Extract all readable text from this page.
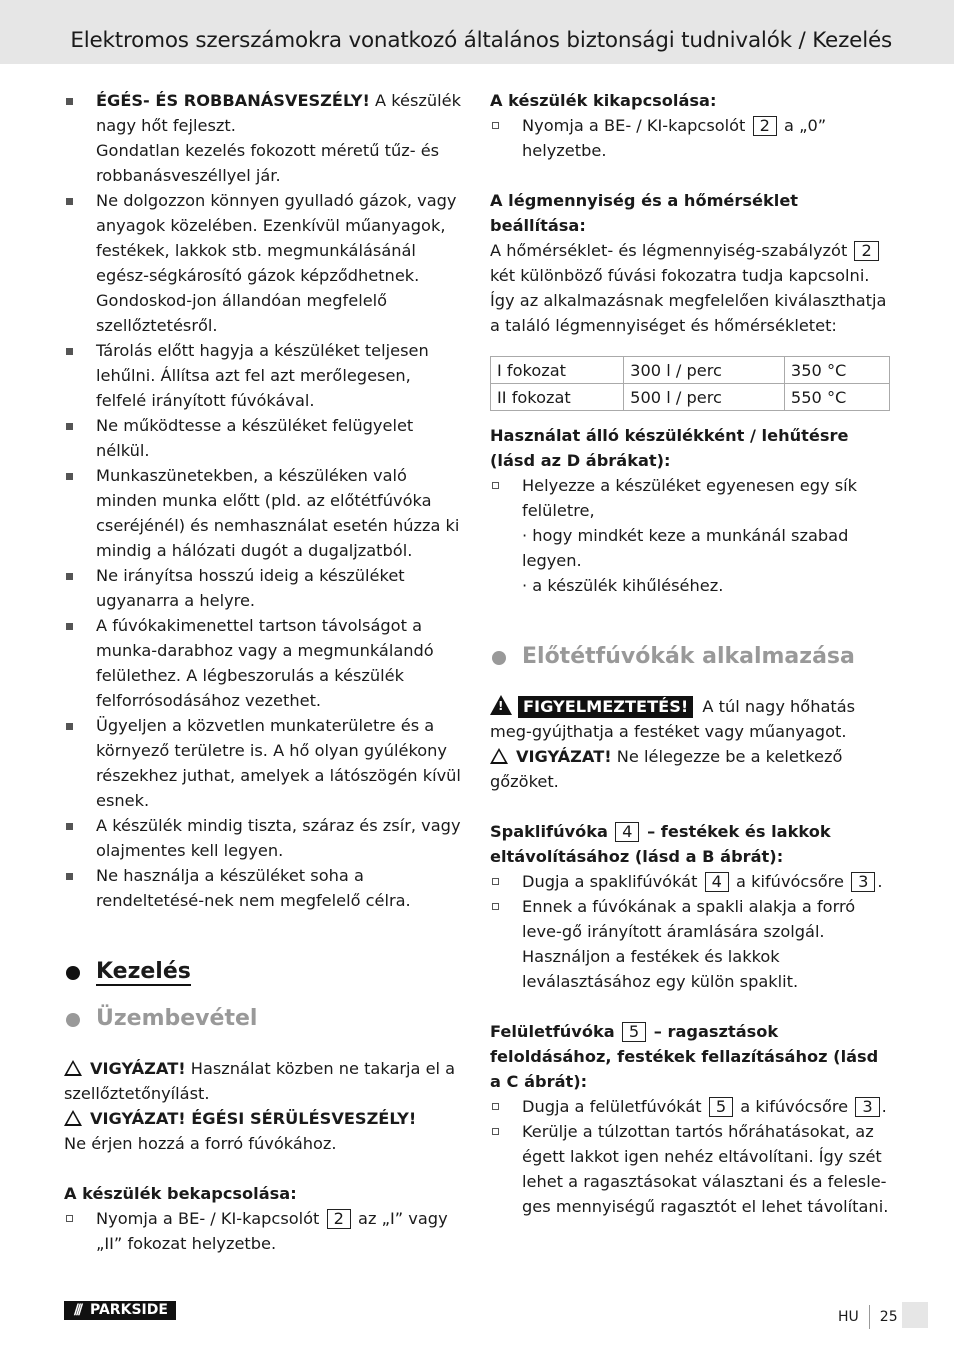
Elektromos szerszámokra vonatkozó általános biztonsági tudnivalók / Kezelés
ÉGÉS- ÉS ROBBANÁSVESZÉLY! A készülék nagy hőt fejleszt.
Gondatlan kezelés fokozott méretű tűz- és robbanásveszéllyel jár.
Ne dolgozzon könnyen gyulladó gázok, vagy anyagok közelében. Ezenkívül műanyagok, festékek, lakkok stb. megmunkálásánál egész-ségkárosító gázok képződhetnek. Gondoskod-jon állandóan megfelelő szellőztetésről.
Tárolás előtt hagyja a készüléket teljesen lehűlni. Állítsa azt fel azt merőlegesen, felfelé irányított fúvókával.
Ne működtesse a készüléket felügyelet nélkül.
Munkaszünetekben, a készüléken való minden munka előtt (pld. az előtétfúvóka cseréjénél) és nemhasználat esetén húzza ki mindig a hálózati dugót a dugaljzatból.
Ne irányítsa hosszú ideig a készüléket ugyanarra a helyre.
A fúvókakimenettel tartson távolságot a munka-darabhoz vagy a megmunkálandó felülethez. A légbeszorulás a készülék felforrósodásához vezethet.
Ügyeljen a közvetlen munkaterületre és a környező területre is. A hő olyan gyúlékony részekhez juthat, amelyek a látószögén kívül esnek.
A készülék mindig tiszta, száraz és zsír, vagy olajmentes kell legyen.
Ne használja a készüléket soha a rendeltetésé-nek nem megfelelő célra.
Kezelés
Üzembevétel
VIGYÁZAT! Használat közben ne takarja el a szellőztetőnyílást.
VIGYÁZAT! ÉGÉSI SÉRÜLÉSVESZÉLY!
Ne érjen hozzá a forró fúvókához.
A készülék bekapcsolása:
Nyomja a BE- / KI-kapcsolót 2 az „I” vagy „II” fokozat helyzetbe.
A készülék kikapcsolása:
Nyomja a BE- / KI-kapcsolót 2 a „0” helyzetbe.
A légmennyiség és a hőmérséklet beállítása:
A hőmérséklet- és légmennyiség-szabályzót 2 két különböző fúvási fokozatra tudja kapcsolni. Így az alkalmazásnak megfelelően kiválaszthatja a találó légmennyiséget és hőmérsékletet:
I fokozat	300 l / perc	350 °C
II fokozat	500 l / perc	550 °C
Használat álló készülékként / lehűtésre (lásd az D ábrákat):
Helyezze a készüléket egyenesen egy sík felületre,
· hogy mindkét keze a munkánál szabad legyen.
· a készülék kihűléséhez.
Előtétfúvókák alkalmazása
!FIGYELMEZTETÉS! A túl nagy hőhatás meg-gyújthatja a festéket vagy műanyagot.
VIGYÁZAT! Ne lélegezze be a keletkező gőzöket.
Spaklifúvóka 4 – festékek és lakkok eltávolításához (lásd a B ábrát):
Dugja a spaklifúvókát 4 a kifúvócsőre 3 .
Ennek a fúvókának a spakli alakja a forró leve-gő irányított áramlására szolgál. Használjon a festékek és lakkok leválasztásához egy külön spaklit.
Felületfúvóka 5 – ragasztások feloldásához, festékek fellazításához (lásd a C ábrát):
Dugja a felületfúvókát 5 a kifúvócsőre 3 .
Kerülje a túlzottan tartós hőráhatásokat, az égett lakkot igen nehéz eltávolítani. Így szét lehet a ragasztásokat választani és a felesle-ges mennyiségű ragasztót el lehet távolítani.
/// PARKSIDE	HU 25
